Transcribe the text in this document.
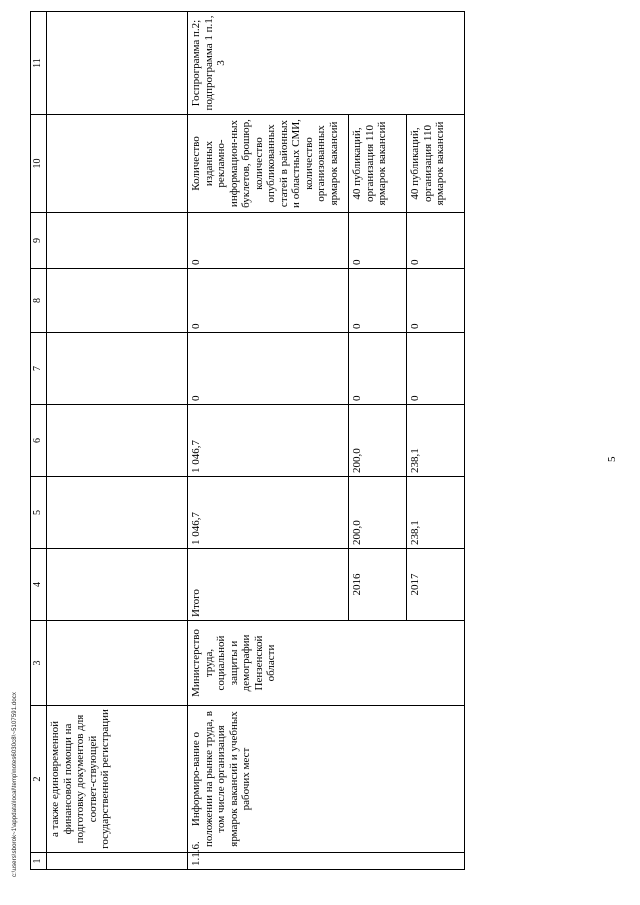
5
1	2	3	4	5	6	7	8	9	10	11
	а также единовременной финансовой помощи на подготовку документов для соответ-ствующей государственной регистрации									
1.1.6.	Информиро-вание о положении на рынке труда, в том числе организация ярмарок вакансий и учебных рабочих мест	Министерство труда, социальной защиты и демографии Пензенской области	Итого	1 046,7	1 046,7	0	0	0	Количество изданных рекламно-информацион-ных буклетов, брошюр, количество опубликованных статей в районных и областных СМИ, количество организованных ярмарок вакансий	Госпрограмма п.2; подпрограмма 1 п.1, 3
			2016	200,0	200,0	0	0	0	40 публикаций, организация 110 ярмарок вакансий	
			2017	238,1	238,1	0	0	0	40 публикаций, организация 110 ярмарок вакансий	
c:\users\sborok~1\appdata\local\temp\notes6030c8\~5107591.docx
